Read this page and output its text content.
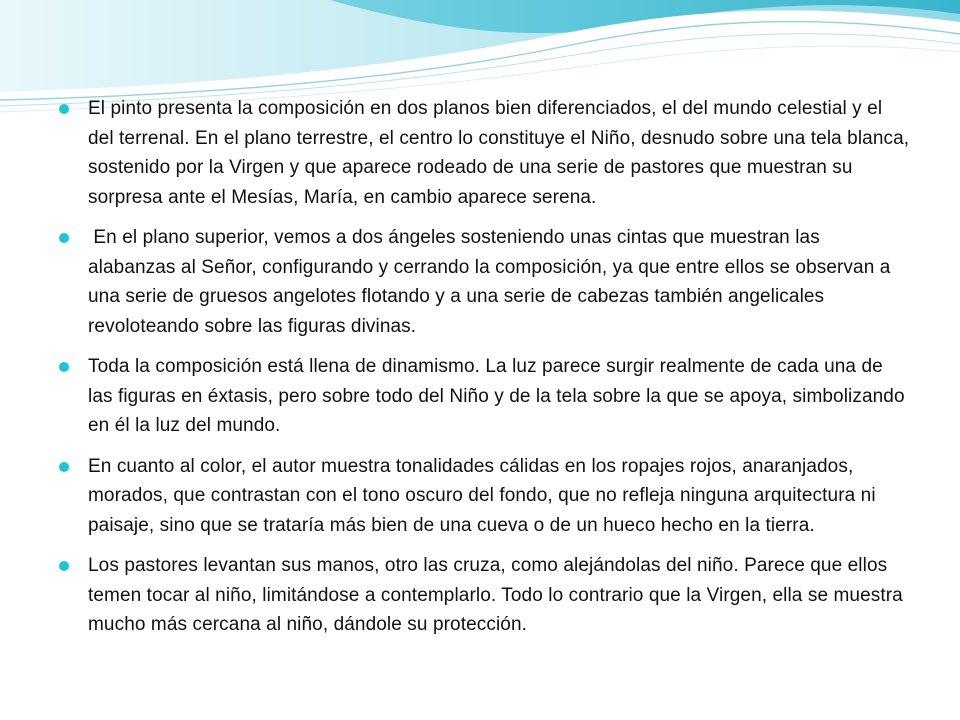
El pinto presenta la composición en dos planos bien diferenciados, el del mundo celestial y el del terrenal. En el plano terrestre, el centro lo constituye el Niño, desnudo sobre una tela blanca, sostenido por la Virgen y que aparece rodeado de una serie de pastores que muestran su sorpresa ante el Mesías, María, en cambio aparece serena.
En el plano superior, vemos a dos ángeles sosteniendo unas cintas que muestran las alabanzas al Señor, configurando y cerrando la composición, ya que entre ellos se observan a una serie de gruesos angelotes flotando y a una serie de cabezas también angelicales revoloteando sobre las figuras divinas.
Toda la composición está llena de dinamismo. La luz parece surgir realmente de cada una de las figuras en éxtasis, pero sobre todo del Niño y de la tela sobre la que se apoya, simbolizando en él la luz del mundo.
En cuanto al color, el autor muestra tonalidades cálidas en los ropajes rojos, anaranjados, morados, que contrastan con el tono oscuro del fondo, que no refleja ninguna arquitectura ni paisaje, sino que se trataría más bien de una cueva o de un hueco hecho en la tierra.
Los pastores levantan sus manos, otro las cruza, como alejándolas del niño. Parece que ellos temen tocar al niño, limitándose a contemplarlo. Todo lo contrario que la Virgen, ella se muestra mucho más cercana al niño, dándole su protección.
